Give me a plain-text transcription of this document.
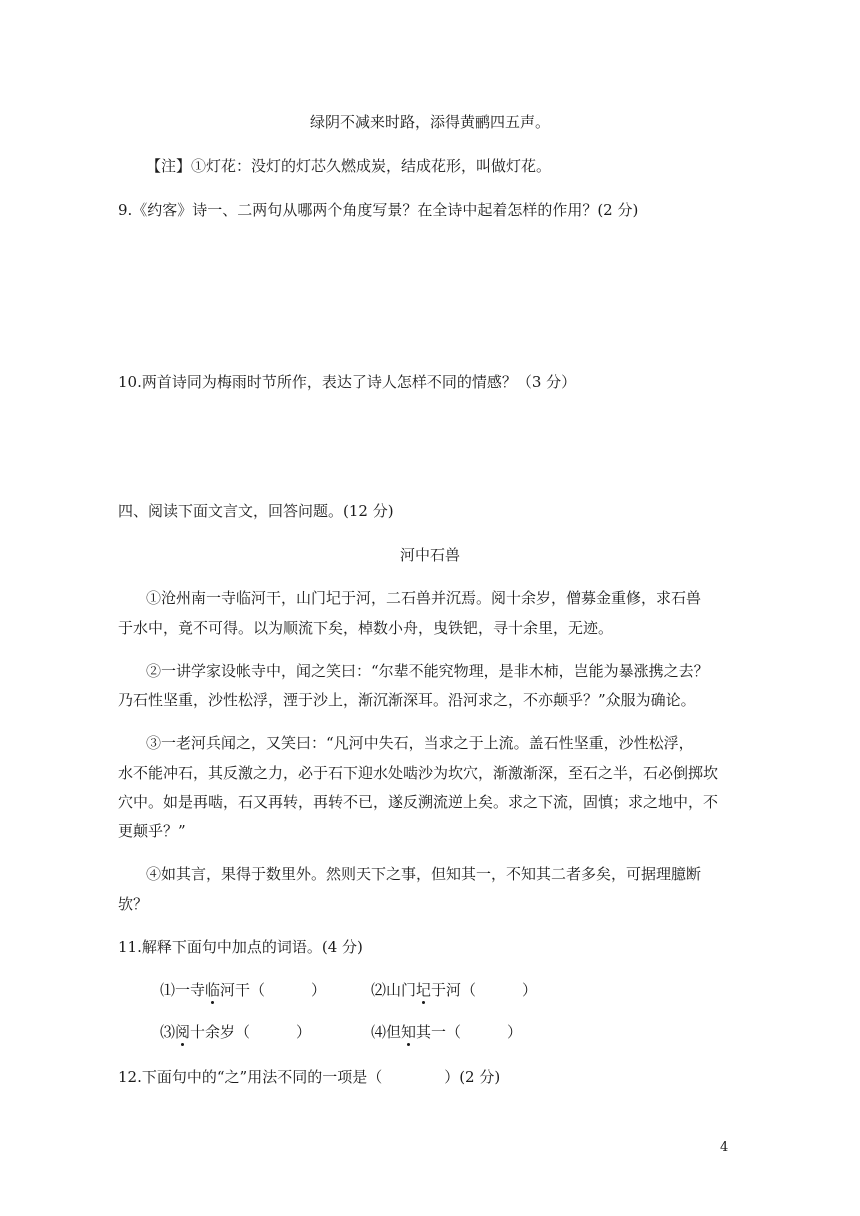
绿阴不减来时路，添得黄鹂四五声。
【注】①灯花：没灯的灯芯久燃成炭，结成花形，叫做灯花。
9.《约客》诗一、二两句从哪两个角度写景？在全诗中起着怎样的作用？(2 分)
10.两首诗同为梅雨时节所作，表达了诗人怎样不同的情感？（3 分）
四、阅读下面文言文，回答问题。(12 分)
河中石兽
①沧州南一寺临河干，山门圮于河，二石兽并沉焉。阅十余岁，僧募金重修，求石兽
于水中，竟不可得。以为顺流下矣，棹数小舟，曳铁钯，寻十余里，无迹。
②一讲学家设帐寺中，闻之笑曰：“尔辈不能究物理，是非木柿，岂能为暴涨携之去？
乃石性坚重，沙性松浮，湮于沙上，渐沉渐深耳。沿河求之，不亦颠乎？”众服为确论。
③一老河兵闻之，又笑曰：“凡河中失石，当求之于上流。盖石性坚重，沙性松浮，
水不能冲石，其反激之力，必于石下迎水处啮沙为坎穴，渐激渐深，至石之半，石必倒掷坎
穴中。如是再啮，石又再转，再转不已，遂反溯流逆上矣。求之下流，固慎；求之地中，不
更颠乎？”
④如其言，果得于数里外。然则天下之事，但知其一，不知其二者多矣，可据理臆断
欤？
11.解释下面句中加点的词语。(4 分)
⑴一寺临河干（	）	⑵山门圮于河（	）
⑶阅十余岁（	）	⑷但知其一（	）
12.下面句中的“之”用法不同的一项是（	）(2 分)
4
